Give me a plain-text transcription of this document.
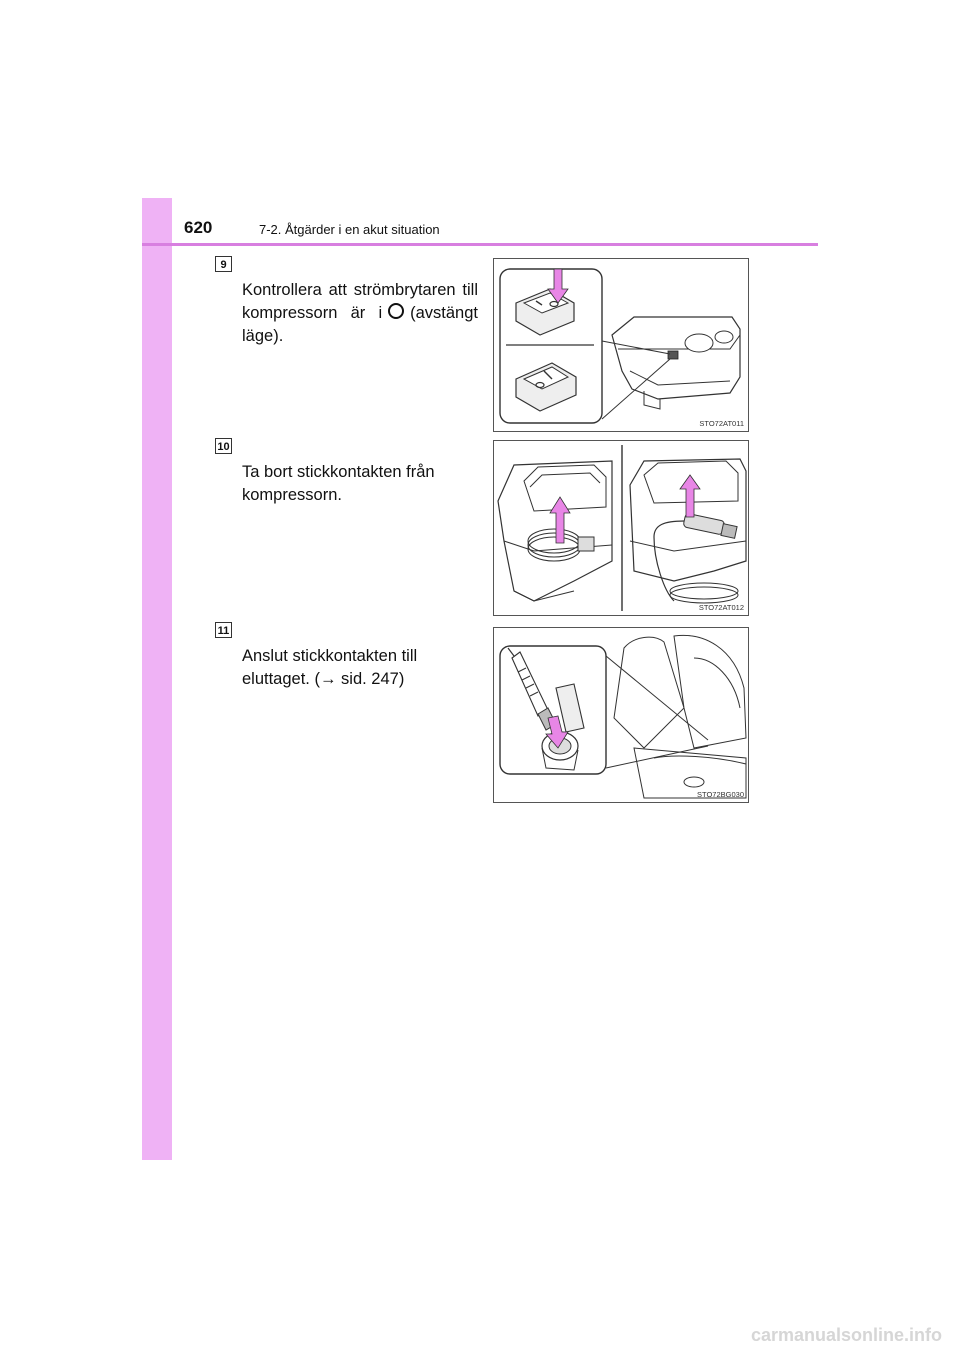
620	7-2. Åtgärder i en akut situation
9
Kontrollera att strömbrytaren till kompressorn är i (avstängt läge).
STO72AT011
10
Ta bort stickkontakten från kompressorn.
STO72AT012
11
Anslut stickkontakten till eluttaget. (→ sid. 247)
STO72BG030
carmanualsonline.info
